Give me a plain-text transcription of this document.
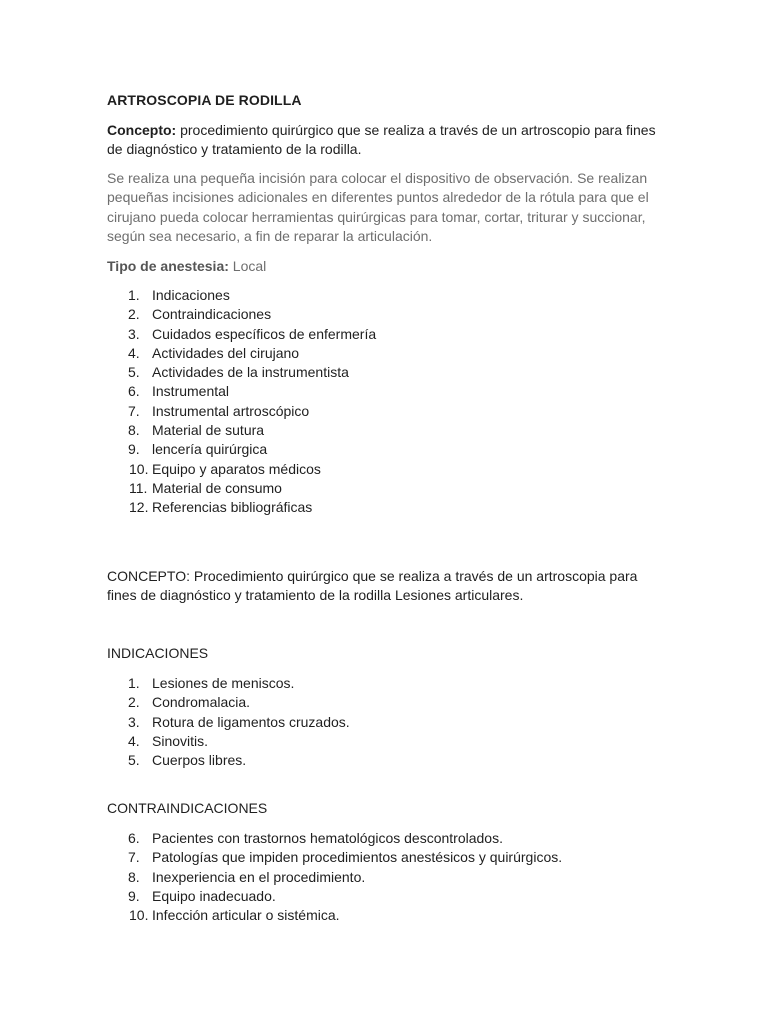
ARTROSCOPIA DE RODILLA
Concepto: procedimiento quirúrgico que se realiza a través de un artroscopio para fines de diagnóstico y tratamiento de la rodilla.
Se realiza una pequeña incisión para colocar el dispositivo de observación. Se realizan pequeñas incisiones adicionales en diferentes puntos alrededor de la rótula para que el cirujano pueda colocar herramientas quirúrgicas para tomar, cortar, triturar y succionar, según sea necesario, a fin de reparar la articulación.
Tipo de anestesia: Local
1. Indicaciones
2. Contraindicaciones
3. Cuidados específicos de enfermería
4. Actividades del cirujano
5. Actividades de la instrumentista
6. Instrumental
7. Instrumental artroscópico
8. Material de sutura
9. lencería quirúrgica
10. Equipo y aparatos médicos
11. Material de consumo
12. Referencias bibliográficas
CONCEPTO: Procedimiento quirúrgico que se realiza a través de un artroscopia para fines de diagnóstico y tratamiento de la rodilla Lesiones articulares.
INDICACIONES
1. Lesiones de meniscos.
2. Condromalacia.
3. Rotura de ligamentos cruzados.
4. Sinovitis.
5. Cuerpos libres.
CONTRAINDICACIONES
6. Pacientes con trastornos hematológicos descontrolados.
7. Patologías que impiden procedimientos anestésicos y quirúrgicos.
8. Inexperiencia en el procedimiento.
9. Equipo inadecuado.
10. Infección articular o sistémica.
